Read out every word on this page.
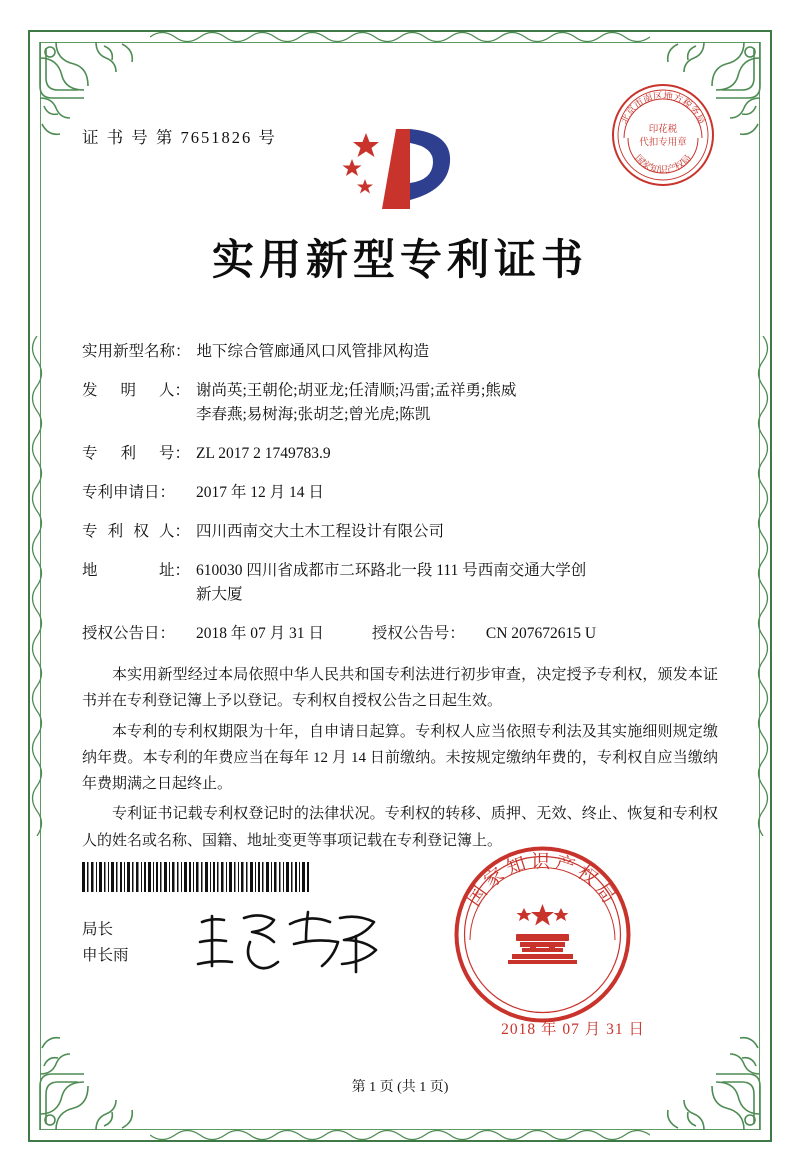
证 书 号 第 7651826 号
北京市南区地方税务局
国家知识产权局
印花税
代扣专用章
实用新型专利证书
实用新型名称： 地下综合管廊通风口风管排风构造
发 明 人： 谢尚英;王朝伦;胡亚龙;任清顺;冯雷;孟祥勇;熊威
李春燕;易树海;张胡芝;曾光虎;陈凯
专 利 号： ZL 2017 2 1749783.9
专利申请日：	2017 年 12 月 14 日
专 利 权 人： 四川西南交大土木工程设计有限公司
地	址： 610030 四川省成都市二环路北一段 111 号西南交通大学创
新大厦
授权公告日：	2018 年 07 月 31 日	授权公告号：	CN 207672615 U

本实用新型经过本局依照中华人民共和国专利法进行初步审查，决定授予专利权，颁发本证书并在专利登记簿上予以登记。专利权自授权公告之日起生效。

本专利的专利权期限为十年，自申请日起算。专利权人应当依照专利法及其实施细则规定缴纳年费。本专利的年费应当在每年 12 月 14 日前缴纳。未按规定缴纳年费的，专利权自应当缴纳年费期满之日起终止。

专利证书记载专利权登记时的法律状况。专利权的转移、质押、无效、终止、恢复和专利权人的姓名或名称、国籍、地址变更等事项记载在专利登记簿上。

局长
申长雨
国家知识产权局
2018 年 07 月 31 日
第 1 页 (共 1 页)
